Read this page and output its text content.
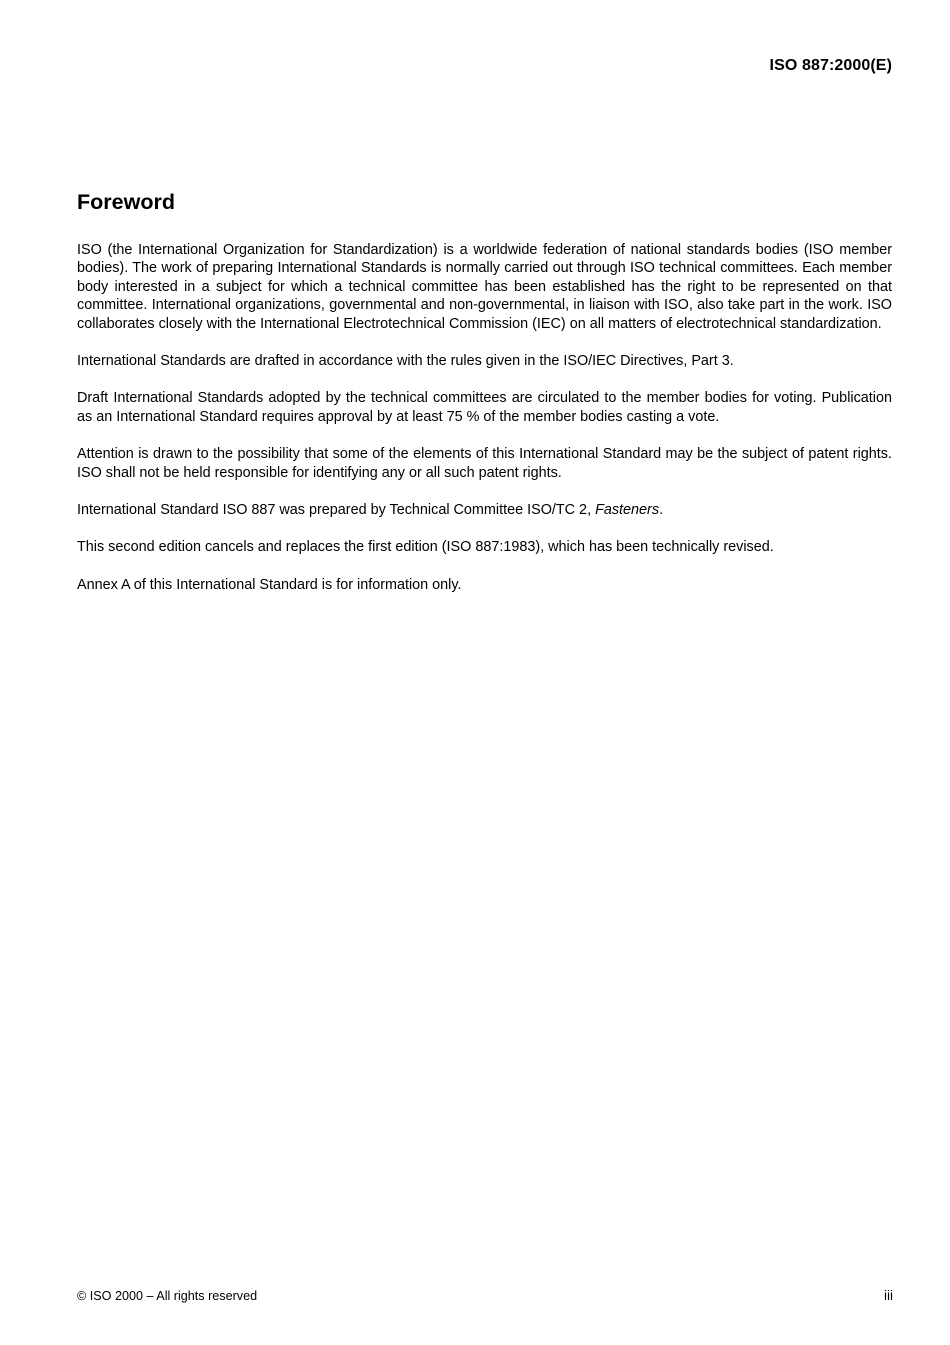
ISO 887:2000(E)
Foreword

ISO (the International Organization for Standardization) is a worldwide federation of national standards bodies (ISO member bodies). The work of preparing International Standards is normally carried out through ISO technical committees. Each member body interested in a subject for which a technical committee has been established has the right to be represented on that committee. International organizations, governmental and non-governmental, in liaison with ISO, also take part in the work. ISO collaborates closely with the International Electrotechnical Commission (IEC) on all matters of electrotechnical standardization.

International Standards are drafted in accordance with the rules given in the ISO/IEC Directives, Part 3.

Draft International Standards adopted by the technical committees are circulated to the member bodies for voting. Publication as an International Standard requires approval by at least 75 % of the member bodies casting a vote.

Attention is drawn to the possibility that some of the elements of this International Standard may be the subject of patent rights. ISO shall not be held responsible for identifying any or all such patent rights.

International Standard ISO 887 was prepared by Technical Committee ISO/TC 2, Fasteners.

This second edition cancels and replaces the first edition (ISO 887:1983), which has been technically revised.

Annex A of this International Standard is for information only.

© ISO 2000 – All rights reserved	iii
